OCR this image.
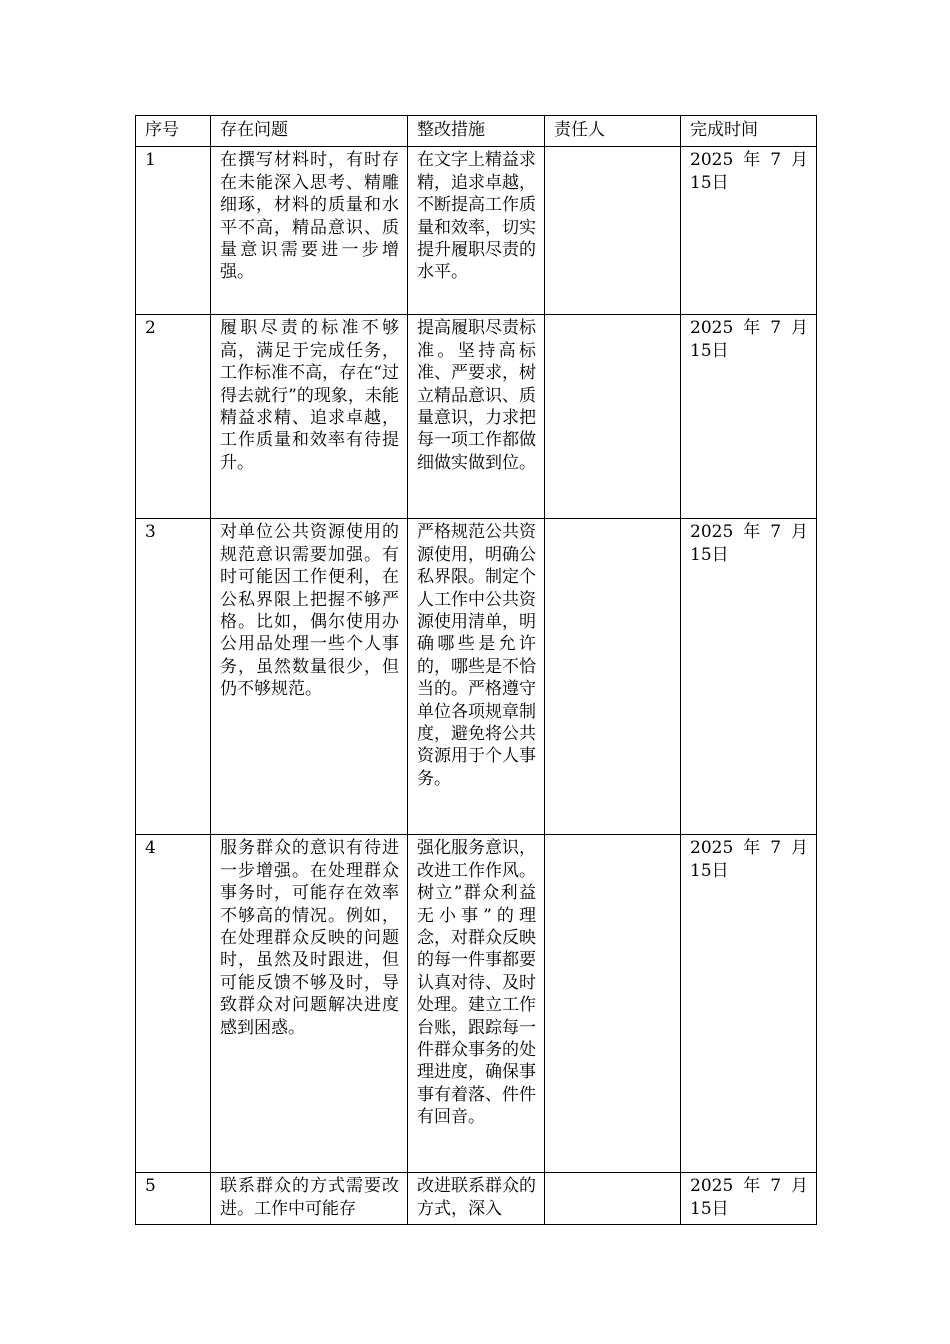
序号	存在问题	整改措施	责任人	完成时间
1	在撰写材料时，有时存在未能深入思考、精雕细琢，材料的质量和水平不高，精品意识、质量意识需要进一步增强。	在文字上精益求精，追求卓越，不断提高工作质量和效率，切实提升履职尽责的水平。		2025 年 7 月
15日

2	履职尽责的标准不够高，满足于完成任务，工作标准不高，存在“过得去就行”的现象，未能精益求精、追求卓越，工作质量和效率有待提升。	提高履职尽责标准。坚持高标准、严要求，树立精品意识、质量意识，力求把每一项工作都做细做实做到位。		2025 年 7 月
15日

3	对单位公共资源使用的规范意识需要加强。有时可能因工作便利，在公私界限上把握不够严格。比如，偶尔使用办公用品处理一些个人事务，虽然数量很少，但仍不够规范。	严格规范公共资源使用，明确公私界限。制定个人工作中公共资源使用清单，明确哪些是允许的，哪些是不恰当的。严格遵守单位各项规章制度，避免将公共资源用于个人事务。		2025 年 7 月
15日

4	服务群众的意识有待进一步增强。在处理群众事务时，可能存在效率不够高的情况。例如，在处理群众反映的问题时，虽然及时跟进，但可能反馈不够及时，导致群众对问题解决进度感到困惑。	强化服务意识，改进工作作风。树立”群众利益无小事”的理念，对群众反映的每一件事都要认真对待、及时处理。建立工作台账，跟踪每一件群众事务的处理进度，确保事事有着落、件件有回音。		2025 年 7 月
15日

5	联系群众的方式需要改进。工作中可能存	改进联系群众的方式，深入		2025 年 7 月
15日
